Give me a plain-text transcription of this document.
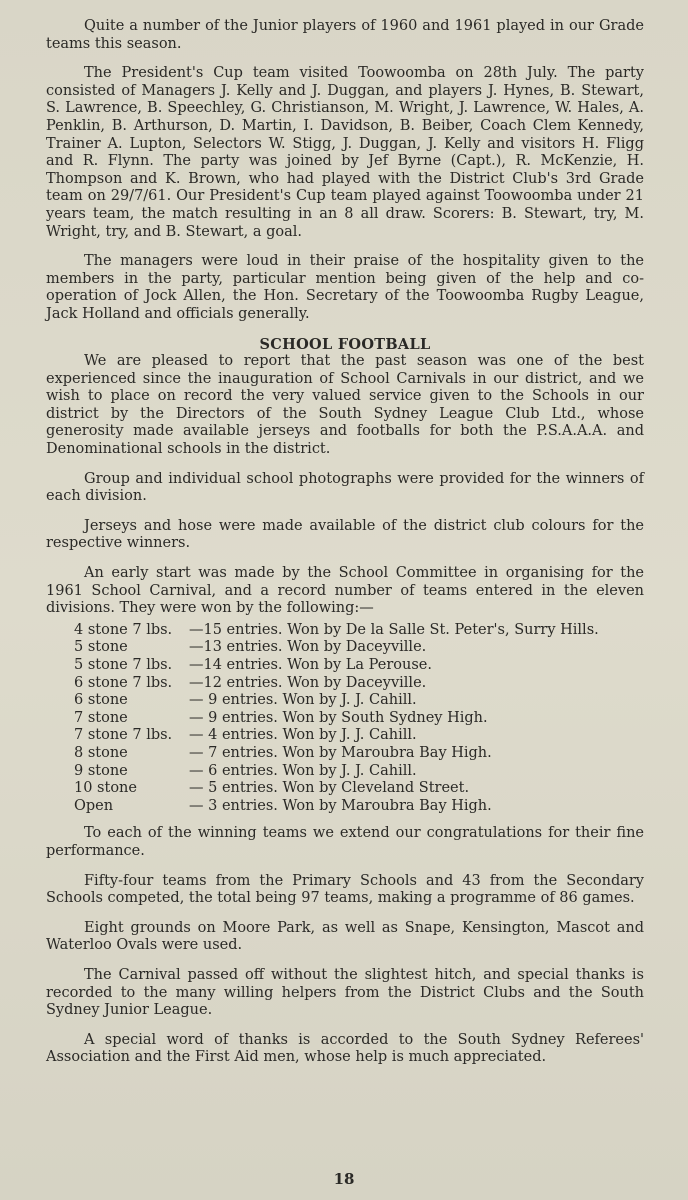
Quite a number of the Junior players of 1960 and 1961 played in our Grade teams this season.

The President's Cup team visited Toowoomba on 28th July. The party consisted of Managers J. Kelly and J. Duggan, and players J. Hynes, B. Stewart, S. Lawrence, B. Speechley, G. Christianson, M. Wright, J. Lawrence, W. Hales, A. Penklin, B. Arthurson, D. Martin, I. Davidson, B. Beiber, Coach Clem Kennedy, Trainer A. Lupton, Selectors W. Stigg, J. Duggan, J. Kelly and visitors H. Fligg and R. Flynn. The party was joined by Jef Byrne (Capt.), R. McKenzie, H. Thompson and K. Brown, who had played with the District Club's 3rd Grade team on 29/7/61. Our President's Cup team played against Toowoomba under 21 years team, the match resulting in an 8 all draw. Scorers: B. Stewart, try, M. Wright, try, and B. Stewart, a goal.

The managers were loud in their praise of the hospitality given to the members in the party, particular mention being given of the help and co-operation of Jock Allen, the Hon. Secretary of the Toowoomba Rugby League, Jack Holland and officials generally.

SCHOOL FOOTBALL

We are pleased to report that the past season was one of the best experienced since the inauguration of School Carnivals in our district, and we wish to place on record the very valued service given to the Schools in our district by the Directors of the South Sydney League Club Ltd., whose generosity made available jerseys and footballs for both the P.S.A.A.A. and Denominational schools in the district.

Group and individual school photographs were provided for the winners of each division.

Jerseys and hose were made available of the district club colours for the respective winners.

An early start was made by the School Committee in organising for the 1961 School Carnival, and a record number of teams entered in the eleven divisions. They were won by the following:—

4 stone 7 lbs.	—15 entries. Won by De la Salle St. Peter's, Surry Hills.
5 stone	—13 entries. Won by Daceyville.
5 stone 7 lbs.	—14 entries. Won by La Perouse.
6 stone 7 lbs.	—12 entries. Won by Daceyville.
6 stone	— 9 entries. Won by J. J. Cahill.
7 stone	— 9 entries. Won by South Sydney High.
7 stone 7 lbs.	— 4 entries. Won by J. J. Cahill.
8 stone	— 7 entries. Won by Maroubra Bay High.
9 stone	— 6 entries. Won by J. J. Cahill.
10 stone	— 5 entries. Won by Cleveland Street.
Open	— 3 entries. Won by Maroubra Bay High.

To each of the winning teams we extend our congratulations for their fine performance.

Fifty-four teams from the Primary Schools and 43 from the Secondary Schools competed, the total being 97 teams, making a programme of 86 games.

Eight grounds on Moore Park, as well as Snape, Kensington, Mascot and Waterloo Ovals were used.

The Carnival passed off without the slightest hitch, and special thanks is recorded to the many willing helpers from the District Clubs and the South Sydney Junior League.

A special word of thanks is accorded to the South Sydney Referees' Association and the First Aid men, whose help is much appreciated.

18
